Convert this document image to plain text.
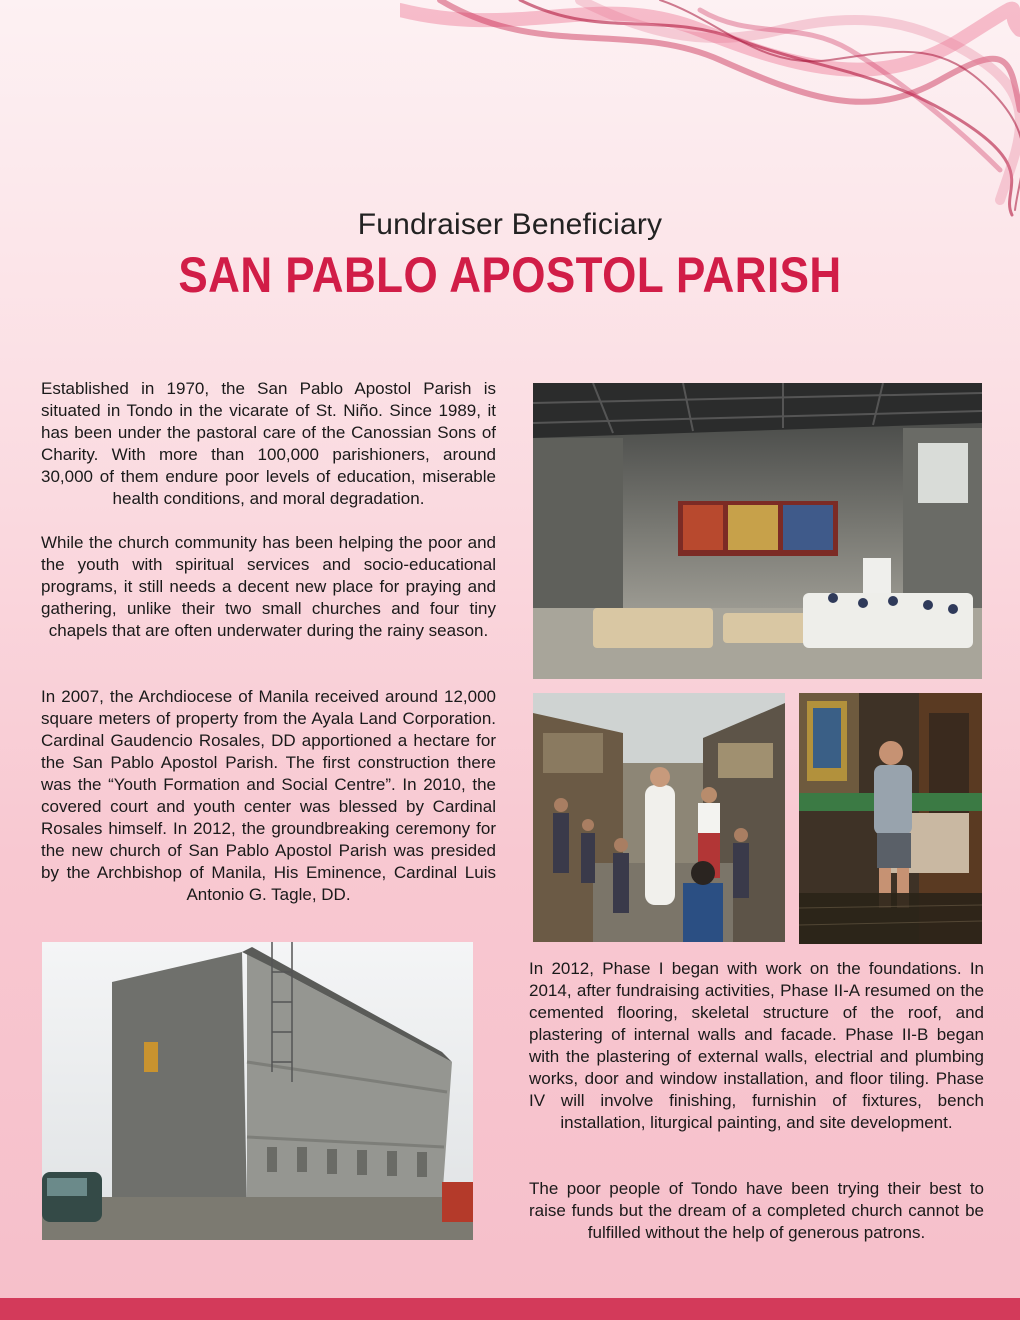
Fundraiser Beneficiary
SAN PABLO APOSTOL PARISH
Established in 1970, the San Pablo Apostol Parish is situated in Tondo in the vicarate of St. Niño. Since 1989, it has been under the pastoral care of the Canossian Sons of Charity. With more than 100,000 parishioners, around 30,000 of them endure poor levels of education, miserable health conditions, and moral degradation.
While the church community has been helping the poor and the youth with spiritual services and socio-educational programs, it still needs a decent new place for praying and gathering, unlike their two small churches and four tiny chapels that are often underwater during the rainy season.
In 2007, the Archdiocese of Manila received around 12,000 square meters of property from the Ayala Land Corporation. Cardinal Gaudencio Rosales, DD apportioned a hectare for the San Pablo Apostol Parish. The first construction there was the “Youth Formation and Social Centre”. In 2010, the covered court and youth center was blessed by Cardinal Rosales himself. In 2012, the groundbreaking ceremony for the new church of San Pablo Apostol Parish was presided by the Archbishop of Manila, His Eminence, Cardinal Luis Antonio G. Tagle, DD.
In 2012, Phase I began with work on the foundations. In 2014, after fundraising activities, Phase II-A resumed on the cemented flooring, skeletal structure of the roof, and plastering of internal walls and facade. Phase II-B began with the plastering of external walls, electrial and plumbing works, door and window installation, and floor tiling. Phase IV will involve finishing, furnishin of fixtures, bench installation, liturgical painting, and site development.
The poor people of Tondo have been trying their best to raise funds but the dream of a completed church cannot be fulfilled without the help of generous patrons.
